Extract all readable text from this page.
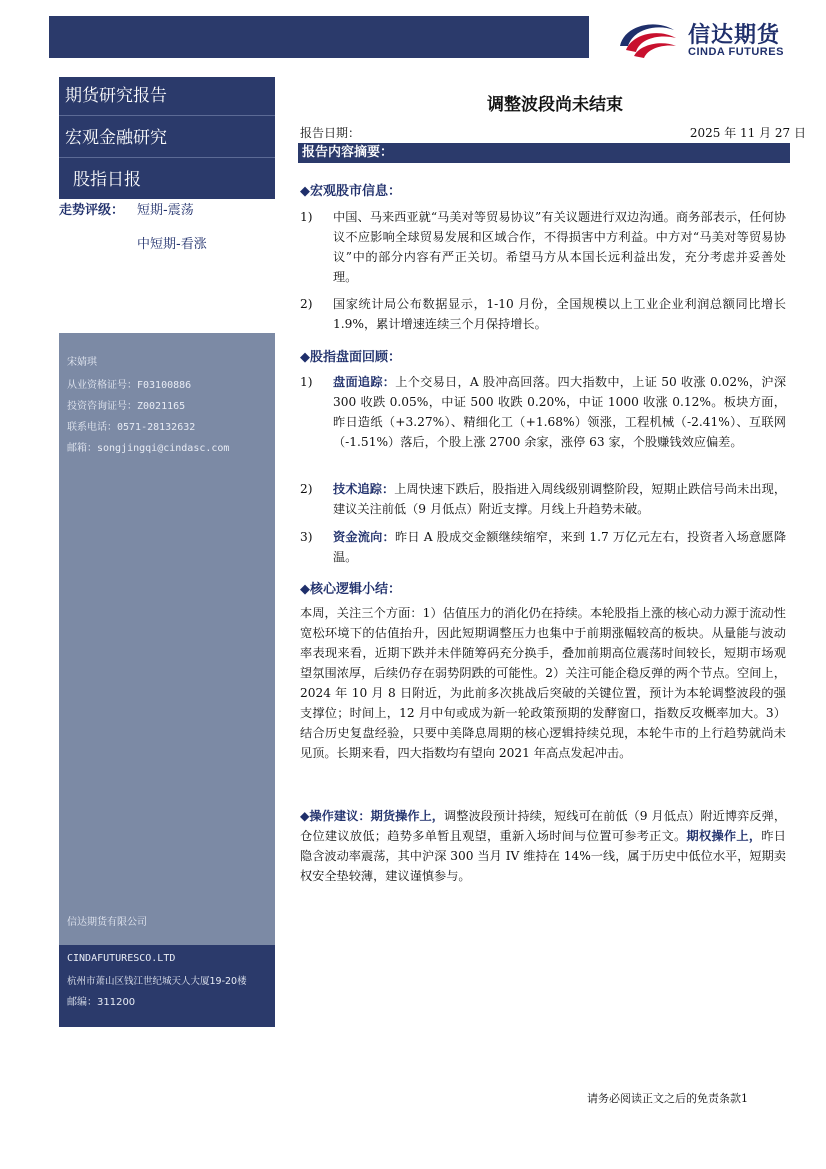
信达期货
CINDA FUTURES
期货研究报告
宏观金融研究
股指日报
走势评级： 短期-震荡
中短期-看涨
宋婧琪
从业资格证号：F03100886
投资咨询证号：Z0021165
联系电话：0571-28132632
邮箱：songjingqi@cindasc.com
信达期货有限公司
CINDAFUTURESCO.LTD
杭州市萧山区钱江世纪城天人大厦19-20楼
邮编：311200
调整波段尚未结束
报告日期：	2025 年 11 月 27 日
报告内容摘要：
◆宏观股市信息：
1) 中国、马来西亚就“马美对等贸易协议”有关议题进行双边沟通。商务部表示，任何协议不应影响全球贸易发展和区域合作，不得损害中方利益。中方对“马美对等贸易协议”中的部分内容有严正关切。希望马方从本国长远利益出发，充分考虑并妥善处理。
2) 国家统计局公布数据显示，1-10 月份，全国规模以上工业企业利润总额同比增长 1.9%，累计增速连续三个月保持增长。
◆股指盘面回顾：
1) 盘面追踪：上个交易日，A 股冲高回落。四大指数中，上证 50 收涨 0.02%，沪深 300 收跌 0.05%，中证 500 收跌 0.20%，中证 1000 收涨 0.12%。板块方面，昨日造纸（+3.27%）、精细化工（+1.68%）领涨，工程机械（-2.41%）、互联网（-1.51%）落后，个股上涨 2700 余家，涨停 63 家，个股赚钱效应偏差。
2) 技术追踪：上周快速下跌后，股指进入周线级别调整阶段，短期止跌信号尚未出现，建议关注前低（9 月低点）附近支撑。月线上升趋势未破。
3) 资金流向：昨日 A 股成交金额继续缩窄，来到 1.7 万亿元左右，投资者入场意愿降温。
◆核心逻辑小结：
本周，关注三个方面：1）估值压力的消化仍在持续。本轮股指上涨的核心动力源于流动性宽松环境下的估值抬升，因此短期调整压力也集中于前期涨幅较高的板块。从量能与波动率表现来看，近期下跌并未伴随筹码充分换手，叠加前期高位震荡时间较长，短期市场观望氛围浓厚，后续仍存在弱势阴跌的可能性。2）关注可能企稳反弹的两个节点。空间上，2024 年 10 月 8 日附近，为此前多次挑战后突破的关键位置，预计为本轮调整波段的强支撑位；时间上，12 月中旬或成为新一轮政策预期的发酵窗口，指数反攻概率加大。3）结合历史复盘经验，只要中美降息周期的核心逻辑持续兑现，本轮牛市的上行趋势就尚未见顶。长期来看，四大指数均有望向 2021 年高点发起冲击。
◆操作建议：期货操作上，调整波段预计持续，短线可在前低（9 月低点）附近博弈反弹，仓位建议放低；趋势多单暂且观望，重新入场时间与位置可参考正文。期权操作上，昨日隐含波动率震荡，其中沪深 300 当月 IV 维持在 14%一线，属于历史中低位水平，短期卖权安全垫较薄，建议谨慎参与。
请务必阅读正文之后的免责条款1
